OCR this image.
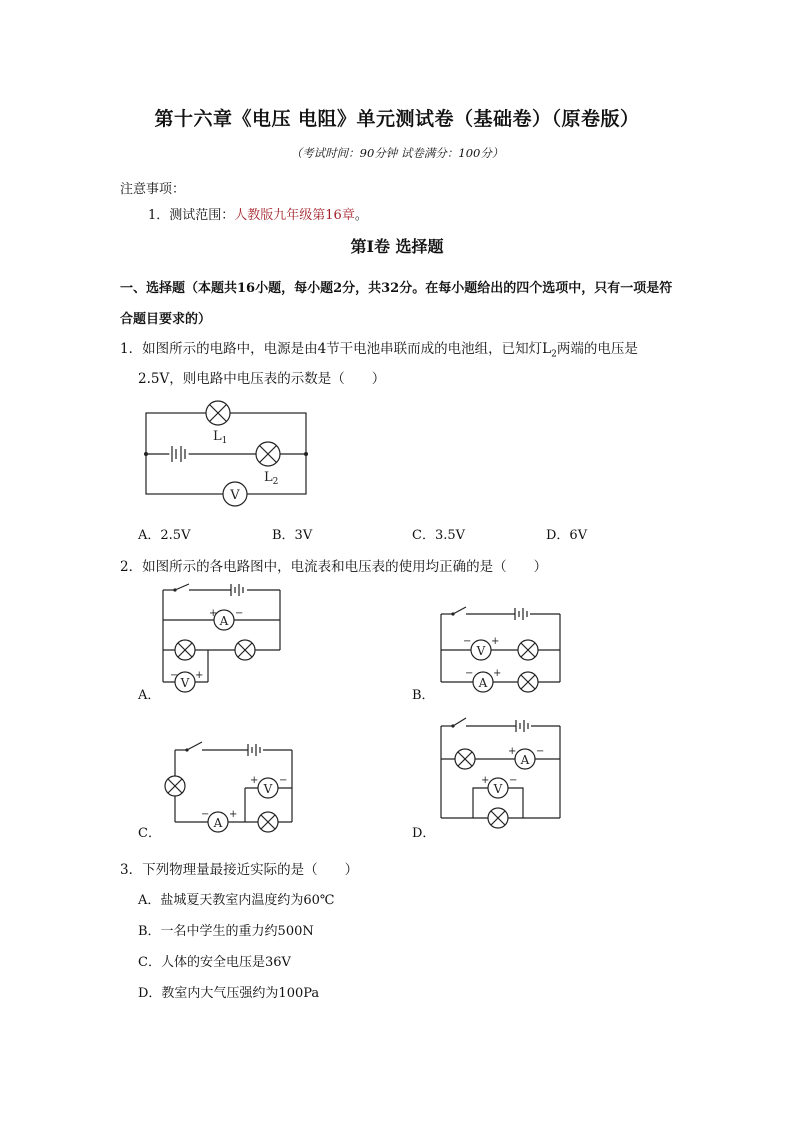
第十六章《电压 电阻》单元测试卷（基础卷）（原卷版）
（考试时间：90分钟 试卷满分：100分）
注意事项：
1．测试范围：人教版九年级第16章。
第Ⅰ卷 选择题
一、选择题（本题共16小题，每小题2分，共32分。在每小题给出的四个选项中，只有一项是符合题目要求的）
1．如图所示的电路中，电源是由4节干电池串联而成的电池组，已知灯$L_2$两端的电压是
2.5V，则电路中电压表的示数是（　　）
$L_1$
$L_2$
V
A．2.5V	B．3V	C．3.5V	D．6V
2．如图所示的各电路图中，电流表和电压表的使用均正确的是（　　）
A
+ −
V
− +
A．
V
− +
A
− +
B．
A
− +
V
+ −
C．
A
+ −
V
+ −
D．
3．下列物理量最接近实际的是（　　）
A．盐城夏天教室内温度约为60℃
B．一名中学生的重力约500N
C．人体的安全电压是36V
D．教室内大气压强约为100Pa
